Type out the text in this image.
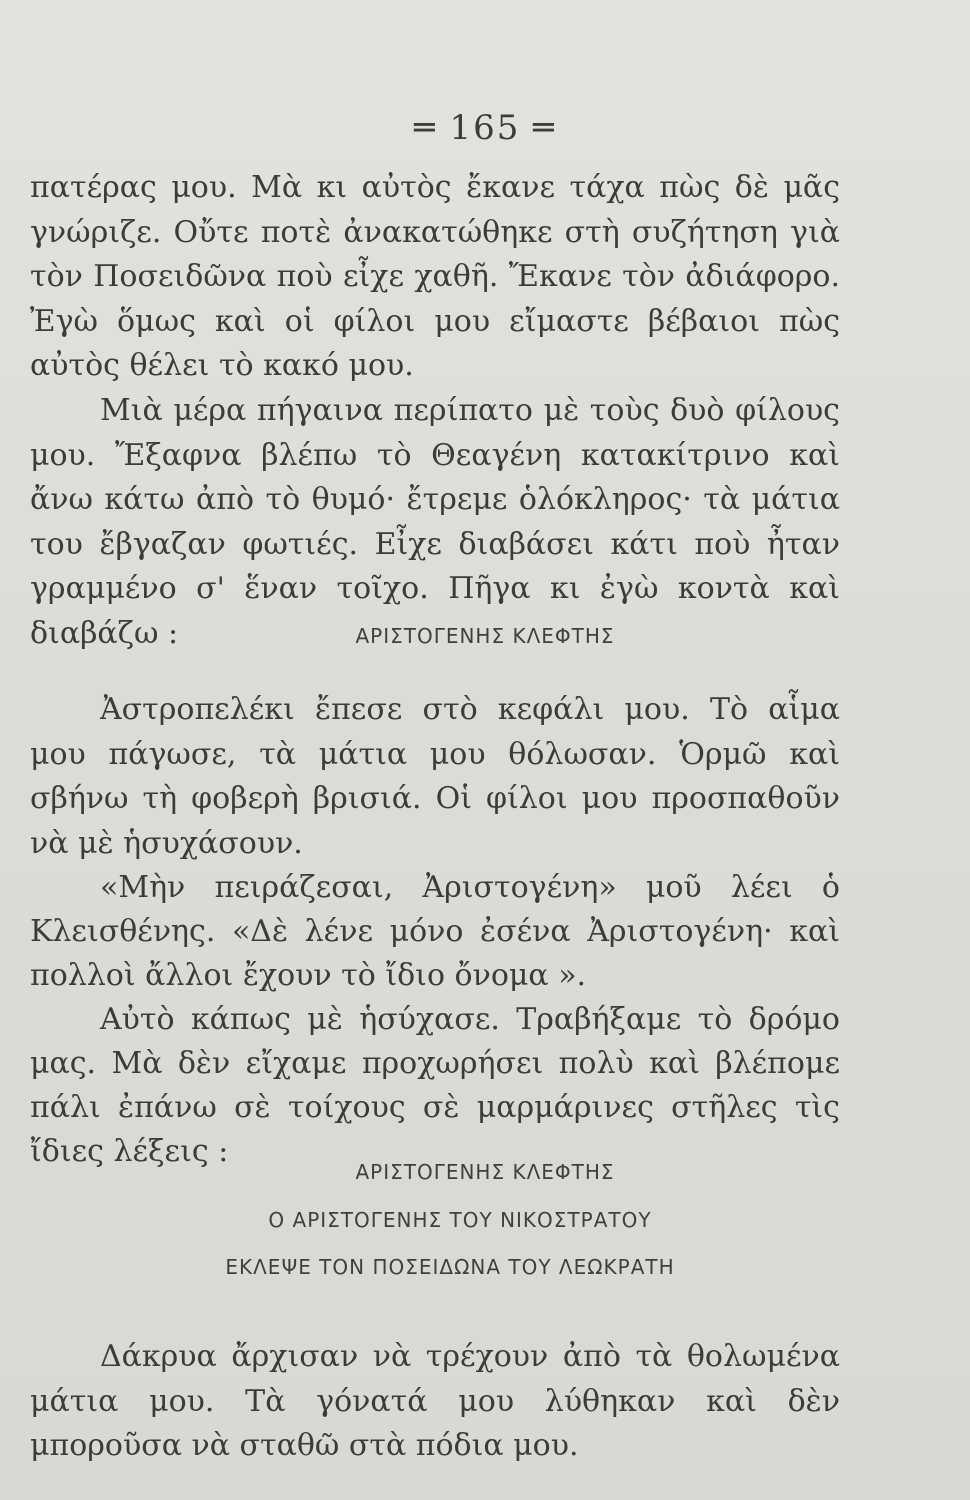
═ 165 ═

πατέρας μου. Μὰ κι αὐτὸς ἔκανε τάχα πὼς δὲ μᾶς γνώριζε. Οὔτε ποτὲ ἀνακατώθηκε στὴ συζήτηση γιὰ τὸν Ποσειδῶνα ποὺ εἶχε χαθῆ. Ἔκανε τὸν ἀδιάφορο. Ἐγὼ ὅμως καὶ οἱ φίλοι μου εἴμαστε βέβαιοι πὼς αὐτὸς θέλει τὸ κακό μου.

Μιὰ μέρα πήγαινα περίπατο μὲ τοὺς δυὸ φίλους μου. Ἔξαφνα βλέπω τὸ Θεαγένη κατακίτρινο καὶ ἄνω κάτω ἀπὸ τὸ θυμό· ἔτρεμε ὁλόκληρος· τὰ μάτια του ἔβγαζαν φωτιές. Εἶχε διαβάσει κάτι ποὺ ἦταν γραμμένο σ' ἕναν τοῖχο. Πῆγα κι ἐγὼ κοντὰ καὶ διαβάζω :	ΑΡΙΣΤΟΓΕΝΗΣ ΚΛΕΦΤΗΣ

Ἀστροπελέκι ἔπεσε στὸ κεφάλι μου. Τὸ αἷμα μου πάγωσε, τὰ μάτια μου θόλωσαν. Ὁρμῶ καὶ σβήνω τὴ φοβερὴ βρισιά. Οἱ φίλοι μου προσπαθοῦν νὰ μὲ ἡσυχάσουν.

«Μὴν πειράζεσαι, Ἀριστογένη» μοῦ λέει ὁ Κλεισθένης. «Δὲ λένε μόνο ἐσένα Ἀριστογένη· καὶ πολλοὶ ἄλλοι ἔχουν τὸ ἴδιο ὄνομα ».

Αὐτὸ κάπως μὲ ἡσύχασε. Τραβήξαμε τὸ δρόμο μας. Μὰ δὲν εἴχαμε προχωρήσει πολὺ καὶ βλέπομε πάλι ἐπάνω σὲ τοίχους σὲ μαρμάρινες στῆλες τὶς ἴδιες λέξεις :

ΑΡΙΣΤΟΓΕΝΗΣ ΚΛΕΦΤΗΣ
Ο ΑΡΙΣΤΟΓΕΝΗΣ ΤΟΥ ΝΙΚΟΣΤΡΑΤΟΥ
ΕΚΛΕΨΕ ΤΟΝ ΠΟΣΕΙΔΩΝΑ ΤΟΥ ΛΕΩΚΡΑΤΗ

Δάκρυα ἄρχισαν νὰ τρέχουν ἀπὸ τὰ θολωμένα μάτια μου. Τὰ γόνατά μου λύθηκαν καὶ δὲν μποροῦσα νὰ σταθῶ στὰ πόδια μου.
